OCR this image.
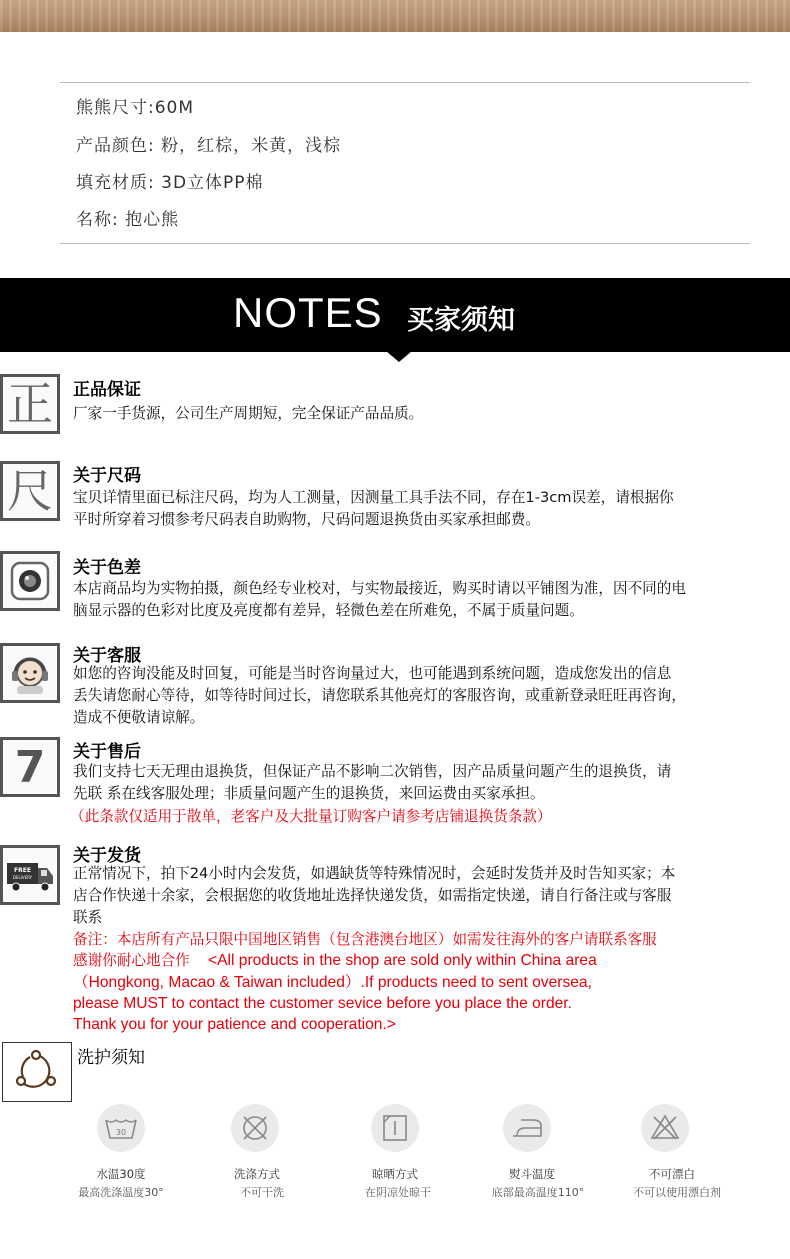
熊熊尺寸:60M
产品颜色: 粉，红棕，米黄，浅棕
填充材质: 3D立体PP棉
名称: 抱心熊
NOTES 买家须知
正	正品保证
厂家一手货源，公司生产周期短，完全保证产品品质。
尺	关于尺码
宝贝详情里面已标注尺码，均为人工测量，因测量工具手法不同，存在1-3cm误差，请根据你
平时所穿着习惯参考尺码表自助购物，尺码问题退换货由买家承担邮费。
关于色差
本店商品均为实物拍摄，颜色经专业校对，与实物最接近，购买时请以平铺图为准，因不同的电
脑显示器的色彩对比度及亮度都有差异，轻微色差在所难免，不属于质量问题。
关于客服
如您的咨询没能及时回复，可能是当时咨询量过大，也可能遇到系统问题，造成您发出的信息
丢失请您耐心等待，如等待时间过长，请您联系其他亮灯的客服咨询，或重新登录旺旺再咨询，
造成不便敬请谅解。
7	关于售后
我们支持七天无理由退换货，但保证产品不影响二次销售，因产品质量问题产生的退换货，请
先联 系在线客服处理；非质量问题产生的退换货，来回运费由买家承担。
（此条款仅适用于散单，老客户及大批量订购客户请参考店铺退换货条款）
FREE
DELIVERY
关于发货
正常情况下，拍下24小时内会发货，如遇缺货等特殊情况时，会延时发货并及时告知买家；本
店合作快递十余家，会根据您的收货地址选择快递发货，如需指定快递，请自行备注或与客服
联系
备注：本店所有产品只限中国地区销售（包含港澳台地区）如需发往海外的客户请联系客服
感谢你耐心地合作 <All products in the shop are sold only within China area
（Hongkong, Macao & Taiwan included）.If products need to sent oversea,
please MUST to contact the customer sevice before you place the order.
Thank you for your patience and cooperation.>
洗护须知
30
水温30度
最高洗涤温度30°
洗涤方式
不可干洗
晾晒方式
在阴凉处晾干
熨斗温度
底部最高温度110°
不可漂白
不可以使用漂白剂
